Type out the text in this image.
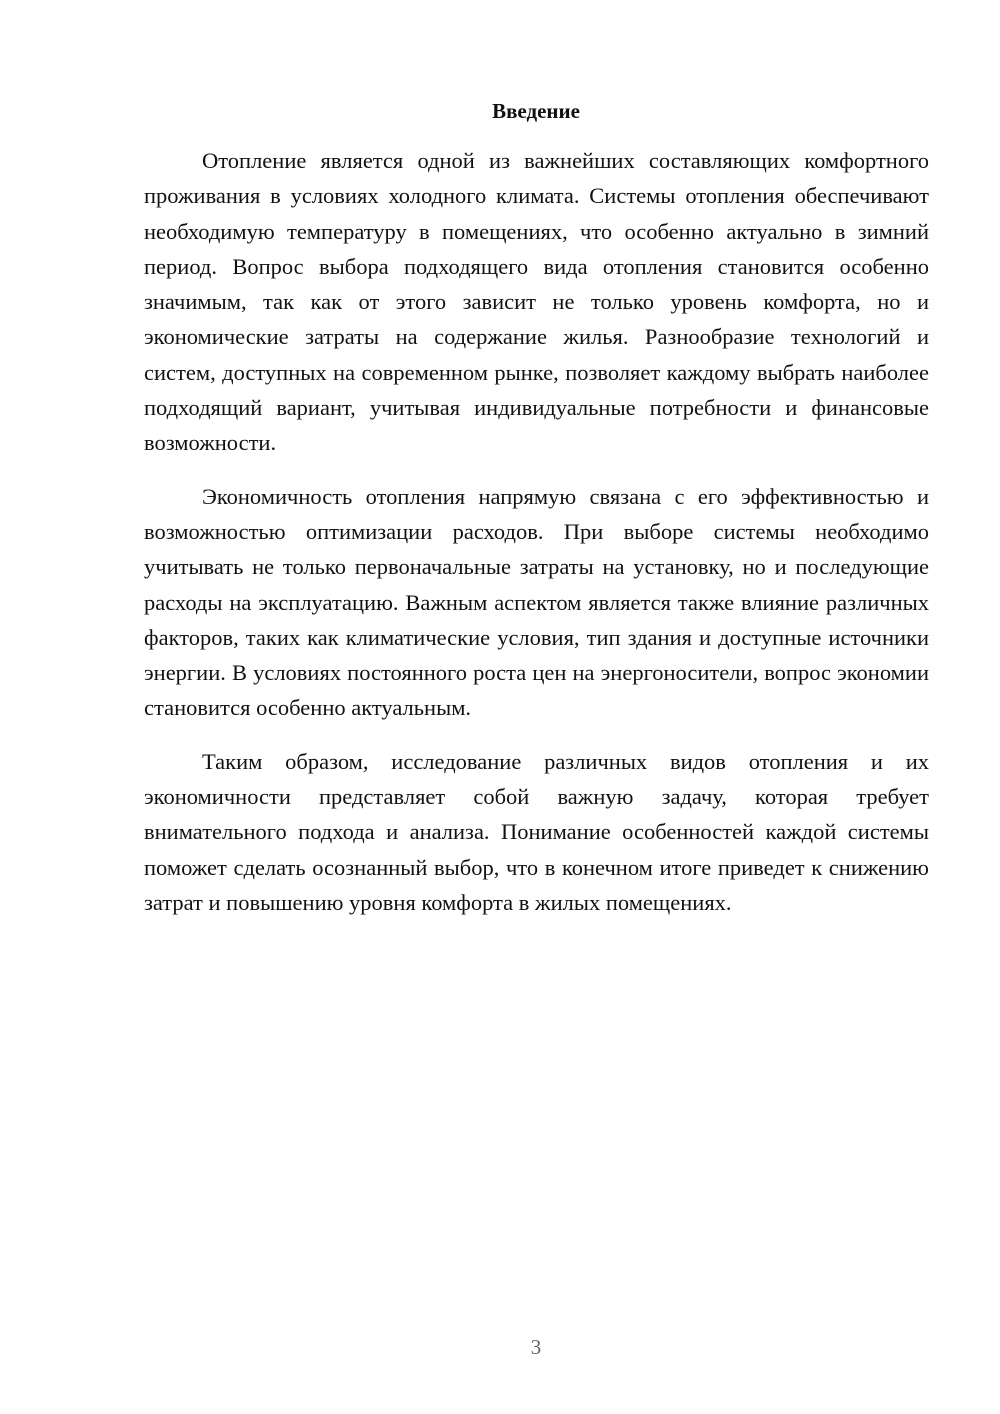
Введение

Отопление является одной из важнейших составляющих комфортного проживания в условиях холодного климата. Системы отопления обеспечивают необходимую температуру в помещениях, что особенно актуально в зимний период. Вопрос выбора подходящего вида отопления становится особенно значимым, так как от этого зависит не только уровень комфорта, но и экономические затраты на содержание жилья. Разнообразие технологий и систем, доступных на современном рынке, позволяет каждому выбрать наиболее подходящий вариант, учитывая индивидуальные потребности и финансовые возможности.

Экономичность отопления напрямую связана с его эффективностью и возможностью оптимизации расходов. При выборе системы необходимо учитывать не только первоначальные затраты на установку, но и последующие расходы на эксплуатацию. Важным аспектом является также влияние различных факторов, таких как климатические условия, тип здания и доступные источники энергии. В условиях постоянного роста цен на энергоносители, вопрос экономии становится особенно актуальным.

Таким образом, исследование различных видов отопления и их экономичности представляет собой важную задачу, которая требует внимательного подхода и анализа. Понимание особенностей каждой системы поможет сделать осознанный выбор, что в конечном итоге приведет к снижению затрат и повышению уровня комфорта в жилых помещениях.

3
